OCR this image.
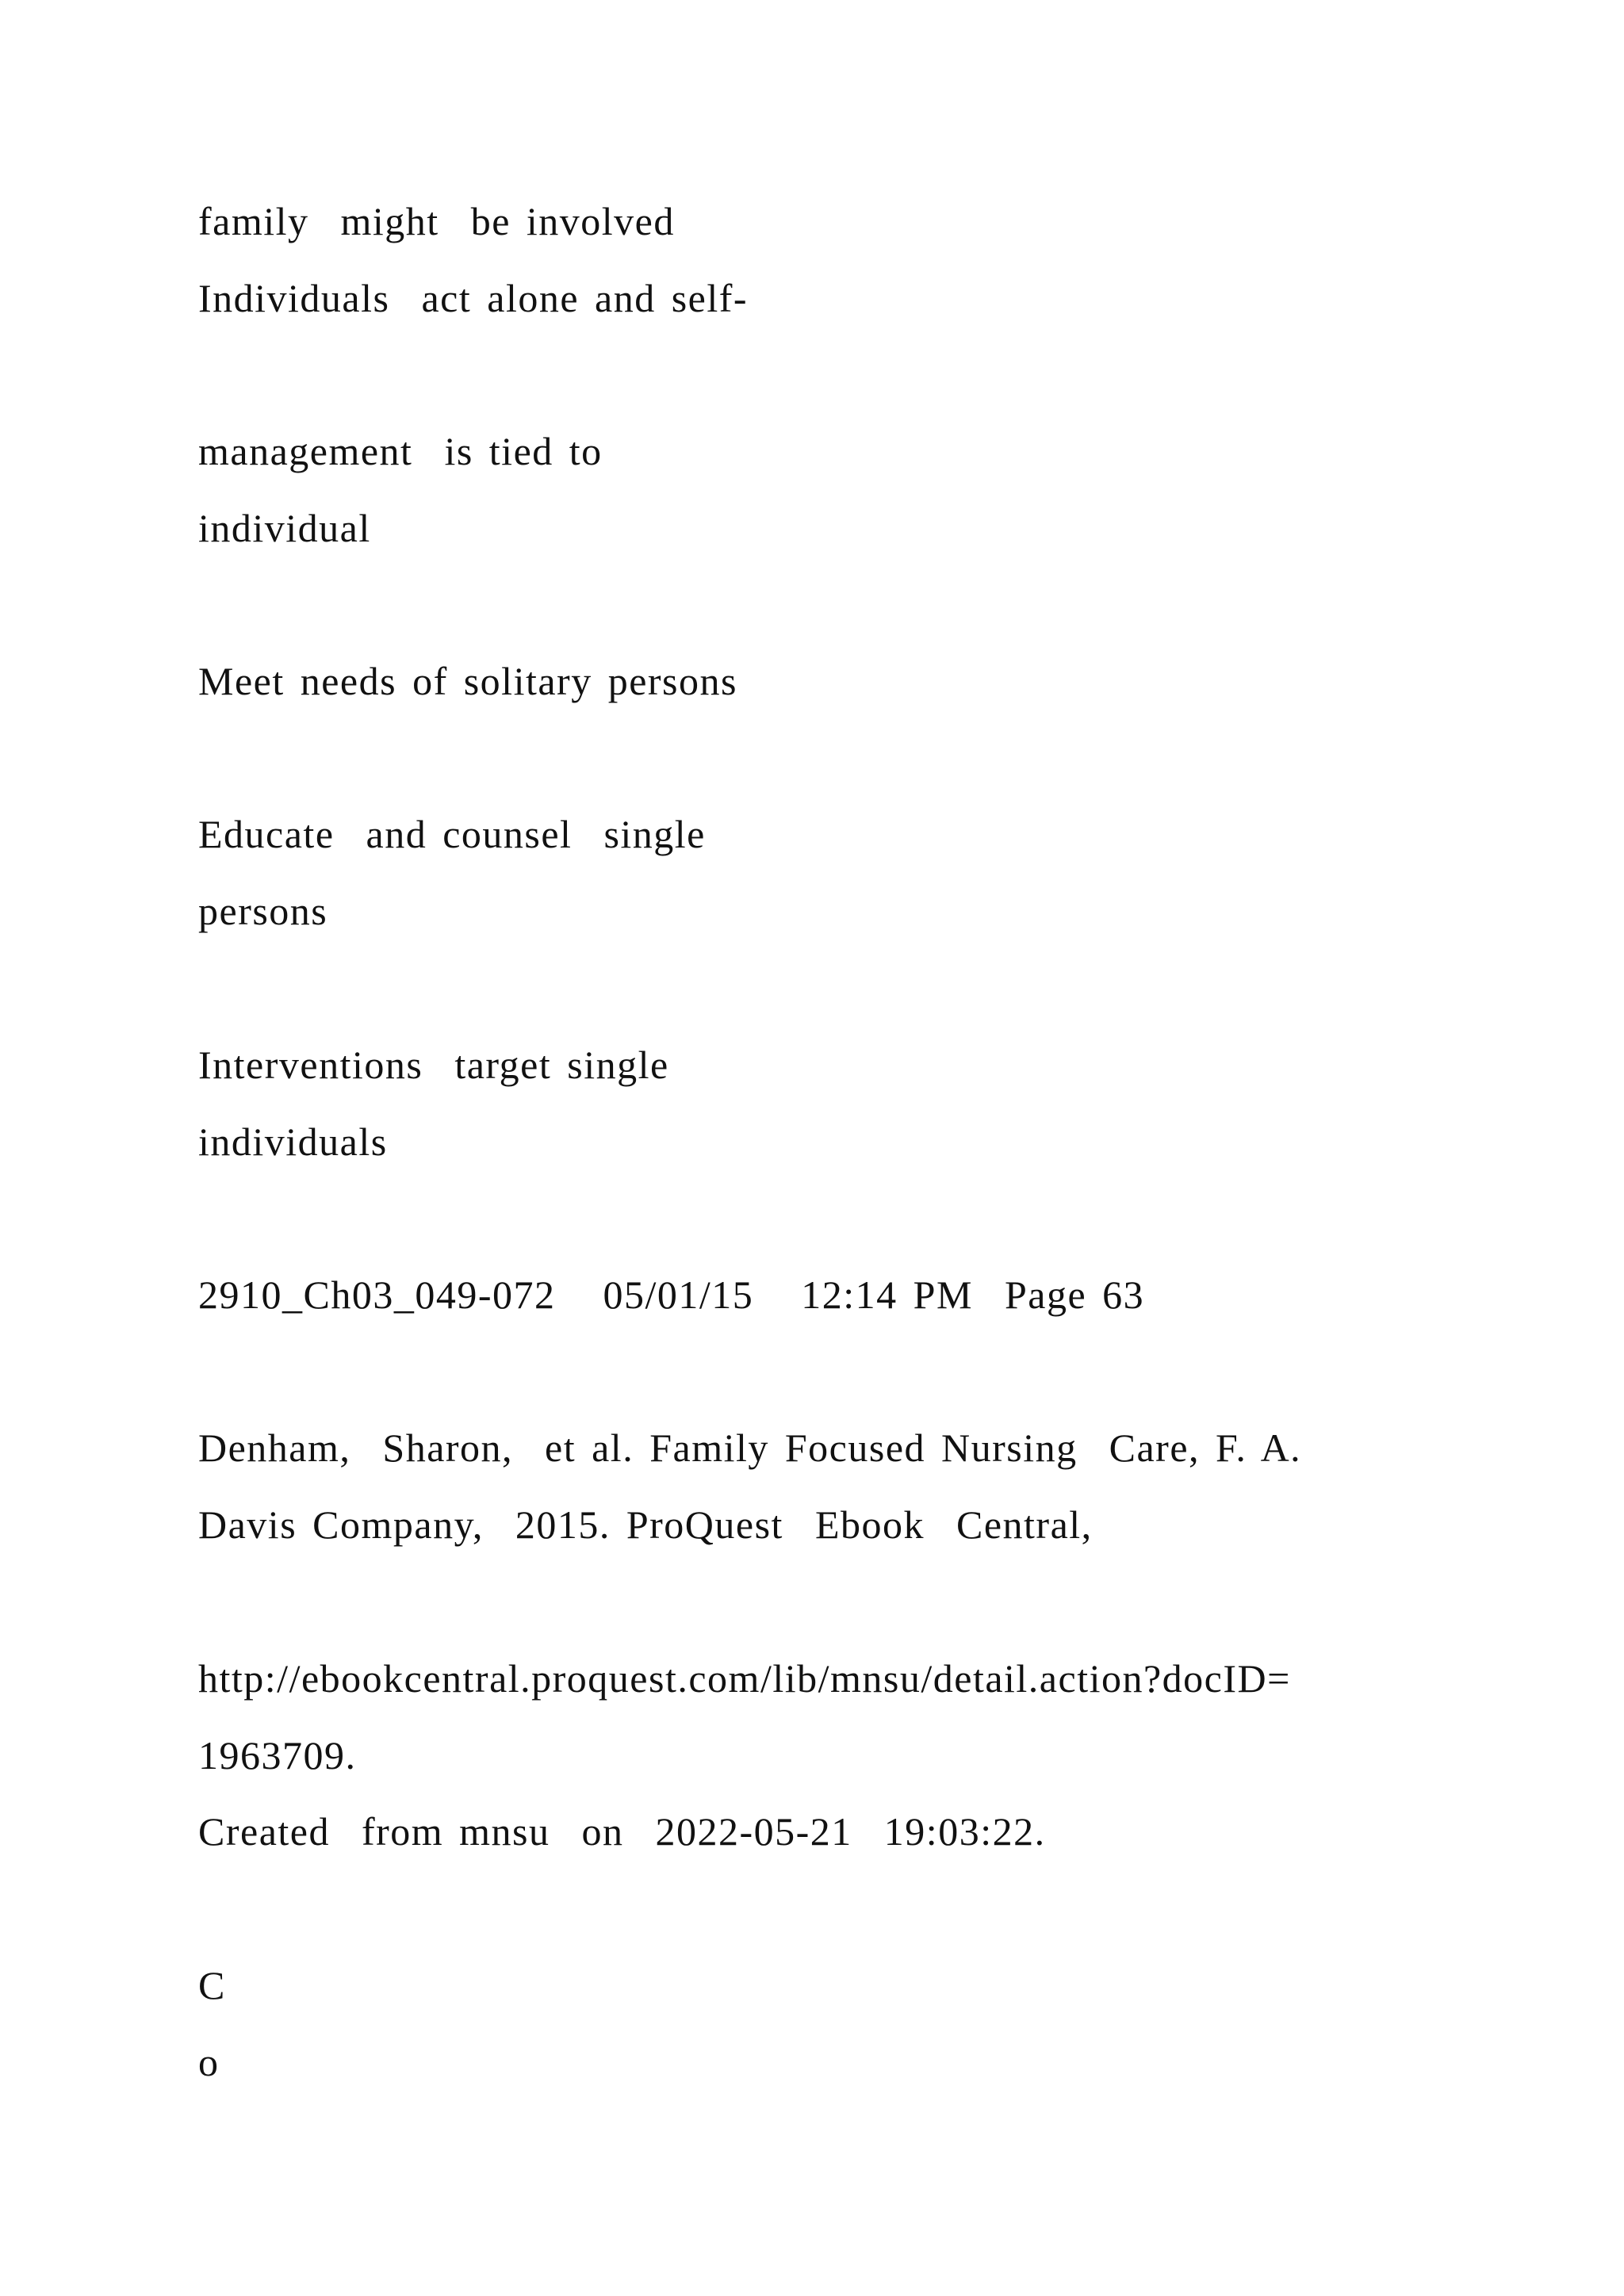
family  might  be involved
Individuals  act alone and self-
management  is tied to
individual
Meet needs of solitary persons
Educate  and counsel  single
persons
Interventions  target single
individuals
2910_Ch03_049-072   05/01/15   12:14 PM  Page 63
Denham,  Sharon,  et al. Family Focused Nursing  Care, F. A.
Davis Company,  2015. ProQuest  Ebook  Central,
http://ebookcentral.proquest.com/lib/mnsu/detail.action?docID=
1963709.
Created  from mnsu  on  2022-05-21  19:03:22.
C
o
